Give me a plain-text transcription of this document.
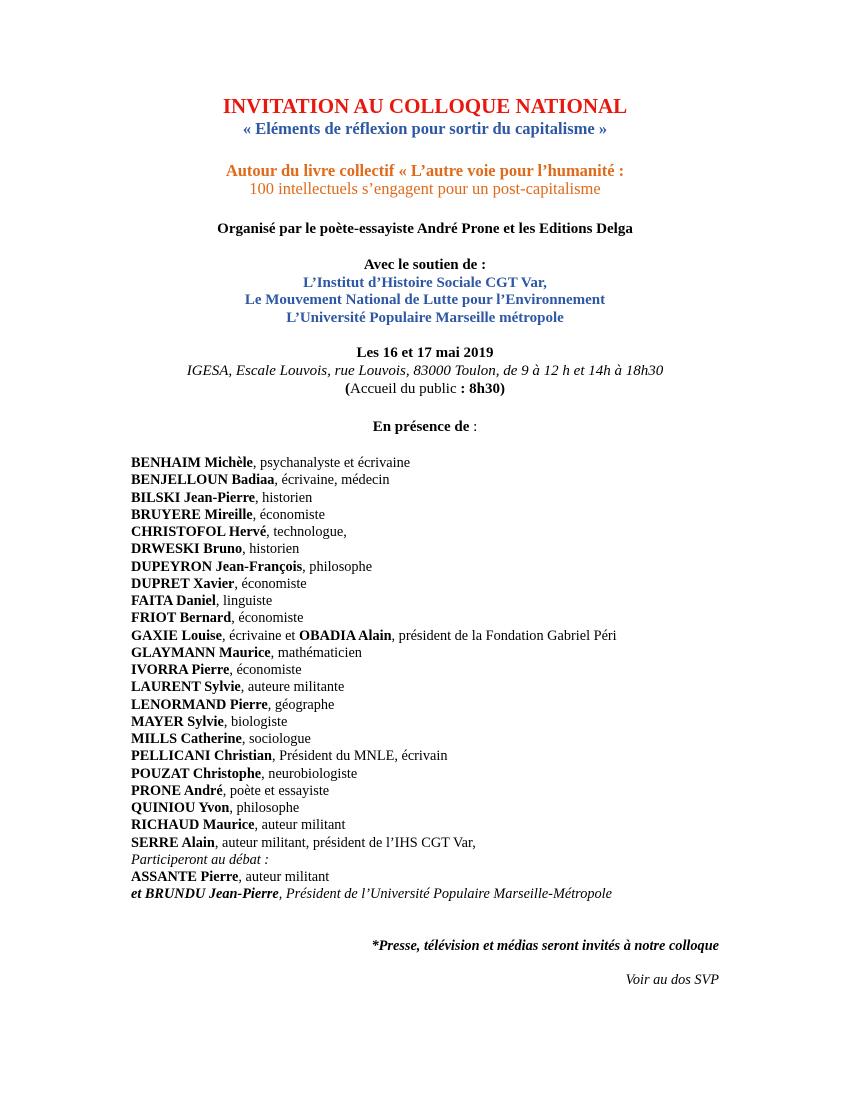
INVITATION AU COLLOQUE NATIONAL
« Eléments de réflexion pour sortir du capitalisme »
Autour du livre collectif « L’autre voie pour l’humanité :
100 intellectuels s’engagent pour un post-capitalisme
Organisé par le poète-essayiste André Prone et les Editions Delga
Avec le soutien de :
L’Institut d’Histoire Sociale CGT Var,
Le Mouvement National de Lutte pour l’Environnement
L’Université Populaire Marseille métropole
Les 16 et 17 mai 2019
IGESA, Escale Louvois, rue Louvois, 83000 Toulon, de 9 à 12 h et 14h à 18h30
(Accueil du public : 8h30)
En présence de :
BENHAIM Michèle, psychanalyste et écrivaine
BENJELLOUN Badiaa, écrivaine, médecin
BILSKI Jean-Pierre, historien
BRUYERE Mireille, économiste
CHRISTOFOL Hervé, technologue,
DRWESKI Bruno, historien
DUPEYRON Jean-François, philosophe
DUPRET Xavier, économiste
FAITA Daniel, linguiste
FRIOT Bernard, économiste
GAXIE Louise, écrivaine et OBADIA Alain, président de la Fondation Gabriel Péri
GLAYMANN Maurice, mathématicien
IVORRA Pierre, économiste
LAURENT Sylvie, auteure militante
LENORMAND Pierre, géographe
MAYER Sylvie, biologiste
MILLS Catherine, sociologue
PELLICANI Christian, Président du MNLE, écrivain
POUZAT Christophe, neurobiologiste
PRONE André, poète et essayiste
QUINIOU Yvon, philosophe
RICHAUD Maurice, auteur militant
SERRE Alain, auteur militant, président de l’IHS CGT Var,
Participeront au débat :
ASSANTE Pierre, auteur militant
et BRUNDU Jean-Pierre, Président de l’Université Populaire Marseille-Métropole
*Presse, télévision et médias seront invités à notre colloque
Voir au dos SVP
